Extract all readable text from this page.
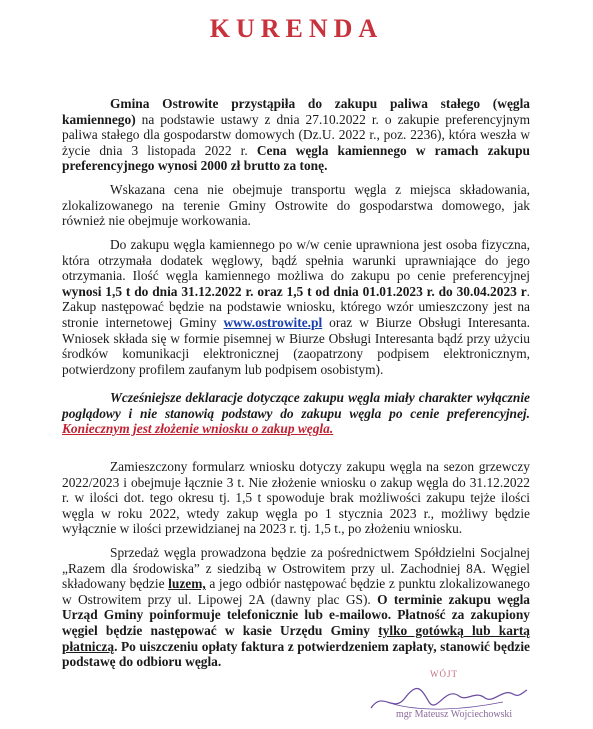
KURENDA
Gmina Ostrowite przystąpiła do zakupu paliwa stałego (węgla kamiennego) na podstawie ustawy z dnia 27.10.2022 r. o zakupie preferencyjnym paliwa stałego dla gospodarstw domowych (Dz.U. 2022 r., poz. 2236), która weszła w życie dnia 3 listopada 2022 r. Cena węgla kamiennego w ramach zakupu preferencyjnego wynosi 2000 zł brutto za tonę.
Wskazana cena nie obejmuje transportu węgla z miejsca składowania, zlokalizowanego na terenie Gminy Ostrowite do gospodarstwa domowego, jak również nie obejmuje workowania.
Do zakupu węgla kamiennego po w/w cenie uprawniona jest osoba fizyczna, która otrzymała dodatek węglowy, bądź spełnia warunki uprawniające do jego otrzymania. Ilość węgla kamiennego możliwa do zakupu po cenie preferencyjnej wynosi 1,5 t do dnia 31.12.2022 r. oraz 1,5 t od dnia 01.01.2023 r. do 30.04.2023 r. Zakup następować będzie na podstawie wniosku, którego wzór umieszczony jest na stronie internetowej Gminy www.ostrowite.pl oraz w Biurze Obsługi Interesanta. Wniosek składa się w formie pisemnej w Biurze Obsługi Interesanta bądź przy użyciu środków komunikacji elektronicznej (zaopatrzony podpisem elektronicznym, potwierdzony profilem zaufanym lub podpisem osobistym).
Wcześniejsze deklaracje dotyczące zakupu węgla miały charakter wyłącznie poglądowy i nie stanowią podstawy do zakupu węgla po cenie preferencyjnej. Koniecznym jest złożenie wniosku o zakup węgla.
Zamieszczony formularz wniosku dotyczy zakupu węgla na sezon grzewczy 2022/2023 i obejmuje łącznie 3 t. Nie złożenie wniosku o zakup węgla do 31.12.2022 r. w ilości dot. tego okresu tj. 1,5 t spowoduje brak możliwości zakupu tejże ilości węgla w roku 2022, wtedy zakup węgla po 1 stycznia 2023 r., możliwy będzie wyłącznie w ilości przewidzianej na 2023 r. tj. 1,5 t., po złożeniu wniosku.
Sprzedaż węgla prowadzona będzie za pośrednictwem Spółdzielni Socjalnej „Razem dla środowiska” z siedzibą w Ostrowitem przy ul. Zachodniej 8A. Węgiel składowany będzie luzem, a jego odbiór następować będzie z punktu zlokalizowanego w Ostrowitem przy ul. Lipowej 2A (dawny plac GS). O terminie zakupu węgla Urząd Gminy poinformuje telefonicznie lub e-mailowo. Płatność za zakupiony węgiel będzie następować w kasie Urzędu Gminy tylko gotówką lub kartą płatniczą. Po uiszczeniu opłaty faktura z potwierdzeniem zapłaty, stanowić będzie podstawę do odbioru węgla.
WÓJT
mgr Mateusz Wojciechowski
